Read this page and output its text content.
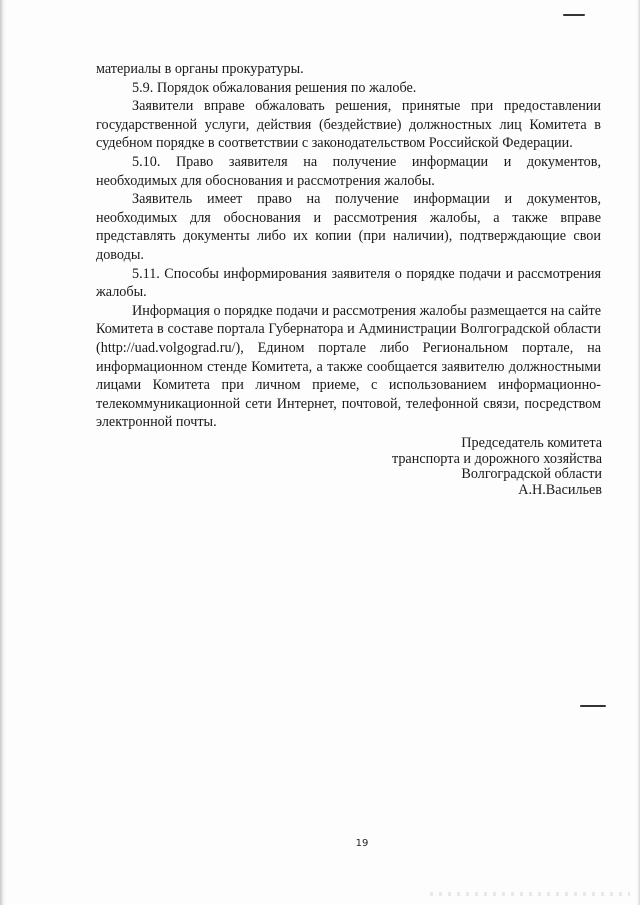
материалы в органы прокуратуры.

5.9. Порядок обжалования решения по жалобе.

Заявители вправе обжаловать решения, принятые при предоставлении государственной услуги, действия (бездействие) должностных лиц Комитета в судебном порядке в соответствии с законодательством Российской Федерации.

5.10. Право заявителя на получение информации и документов, необходимых для обоснования и рассмотрения жалобы.

Заявитель имеет право на получение информации и документов, необходимых для обоснования и рассмотрения жалобы, а также вправе представлять документы либо их копии (при наличии), подтверждающие свои доводы.

5.11. Способы информирования заявителя о порядке подачи и рассмотрения жалобы.

Информация о порядке подачи и рассмотрения жалобы размещается на сайте Комитета в составе портала Губернатора и Администрации Волгоградской области (http://uad.volgograd.ru/), Едином портале либо Региональном портале, на информационном стенде Комитета, а также сообщается заявителю должностными лицами Комитета при личном приеме, с использованием информационно-телекоммуникационной сети Интернет, почтовой, телефонной связи, посредством электронной почты.

Председатель комитета
транспорта и дорожного хозяйства
Волгоградской области
А.Н.Васильев
19
